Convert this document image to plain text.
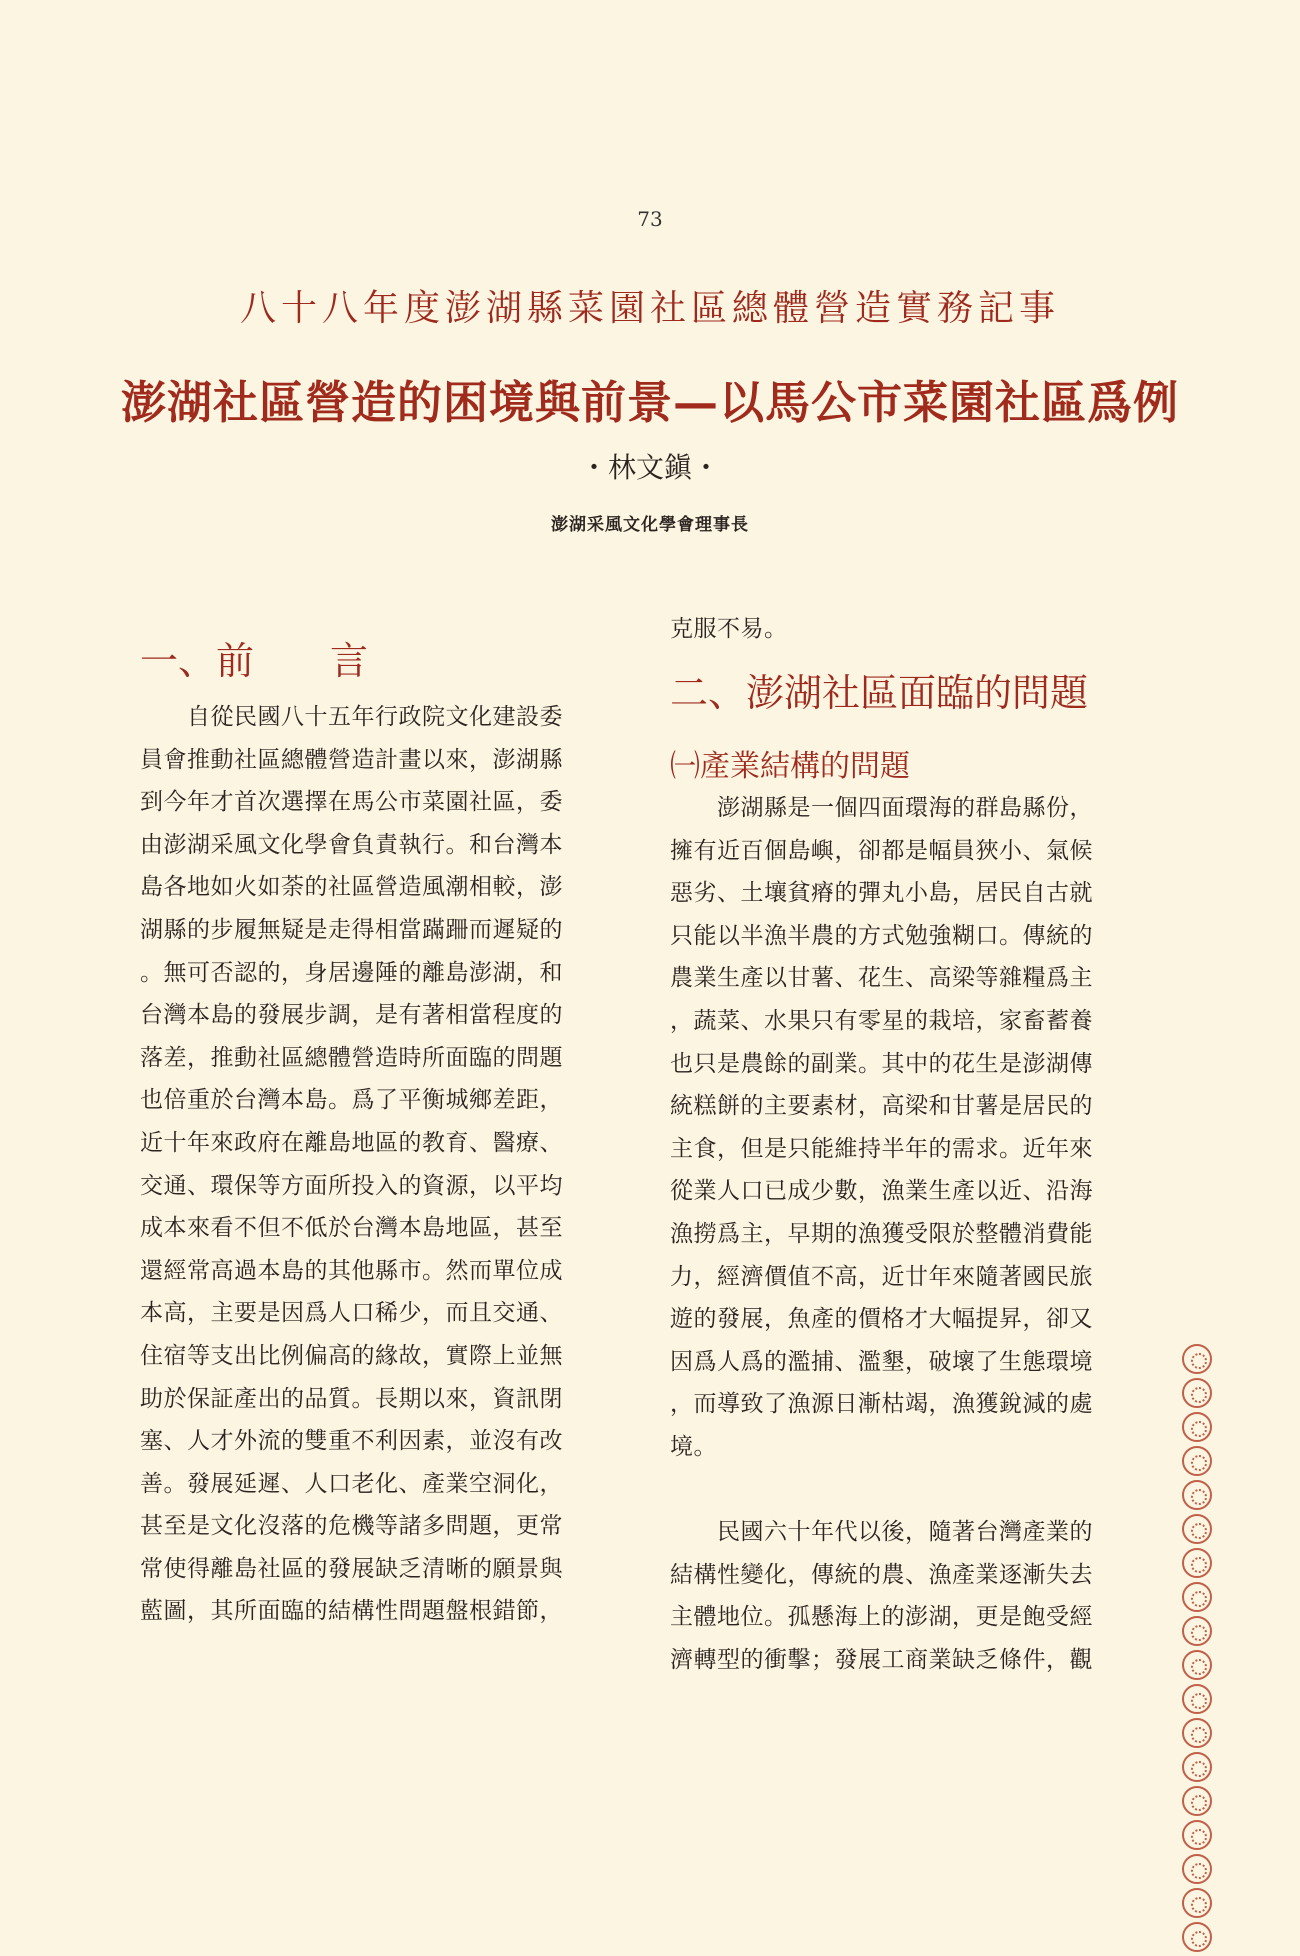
73
八十八年度澎湖縣菜園社區總體營造實務記事
澎湖社區營造的困境與前景—以馬公市菜園社區爲例
・林文鎭・
澎湖采風文化學會理事長
一、前　　言
　　自從民國八十五年行政院文化建設委
員會推動社區總體營造計畫以來，澎湖縣
到今年才首次選擇在馬公市菜園社區，委
由澎湖采風文化學會負責執行。和台灣本
島各地如火如荼的社區營造風潮相較，澎
湖縣的步履無疑是走得相當蹣跚而遲疑的
。無可否認的，身居邊陲的離島澎湖，和
台灣本島的發展步調，是有著相當程度的
落差，推動社區總體營造時所面臨的問題
也倍重於台灣本島。爲了平衡城鄉差距，
近十年來政府在離島地區的教育、醫療、
交通、環保等方面所投入的資源，以平均
成本來看不但不低於台灣本島地區，甚至
還經常高過本島的其他縣市。然而單位成
本高，主要是因爲人口稀少，而且交通、
住宿等支出比例偏高的緣故，實際上並無
助於保証產出的品質。長期以來，資訊閉
塞、人才外流的雙重不利因素，並沒有改
善。發展延遲、人口老化、產業空洞化，
甚至是文化沒落的危機等諸多問題，更常
常使得離島社區的發展缺乏清晰的願景與
藍圖，其所面臨的結構性問題盤根錯節，
克服不易。
二、澎湖社區面臨的問題
㈠產業結構的問題
　　澎湖縣是一個四面環海的群島縣份，
擁有近百個島嶼，卻都是幅員狹小、氣候
惡劣、土壤貧瘠的彈丸小島，居民自古就
只能以半漁半農的方式勉強糊口。傳統的
農業生產以甘薯、花生、高梁等雜糧爲主
，蔬菜、水果只有零星的栽培，家畜蓄養
也只是農餘的副業。其中的花生是澎湖傳
統糕餅的主要素材，高梁和甘薯是居民的
主食，但是只能維持半年的需求。近年來
從業人口已成少數，漁業生產以近、沿海
漁撈爲主，早期的漁獲受限於整體消費能
力，經濟價值不高，近廿年來隨著國民旅
遊的發展，魚產的價格才大幅提昇，卻又
因爲人爲的濫捕、濫墾，破壞了生態環境
，而導致了漁源日漸枯竭，漁獲銳減的處
境。
　　民國六十年代以後，隨著台灣產業的
結構性變化，傳統的農、漁產業逐漸失去
主體地位。孤懸海上的澎湖，更是飽受經
濟轉型的衝擊；發展工商業缺乏條件，觀
